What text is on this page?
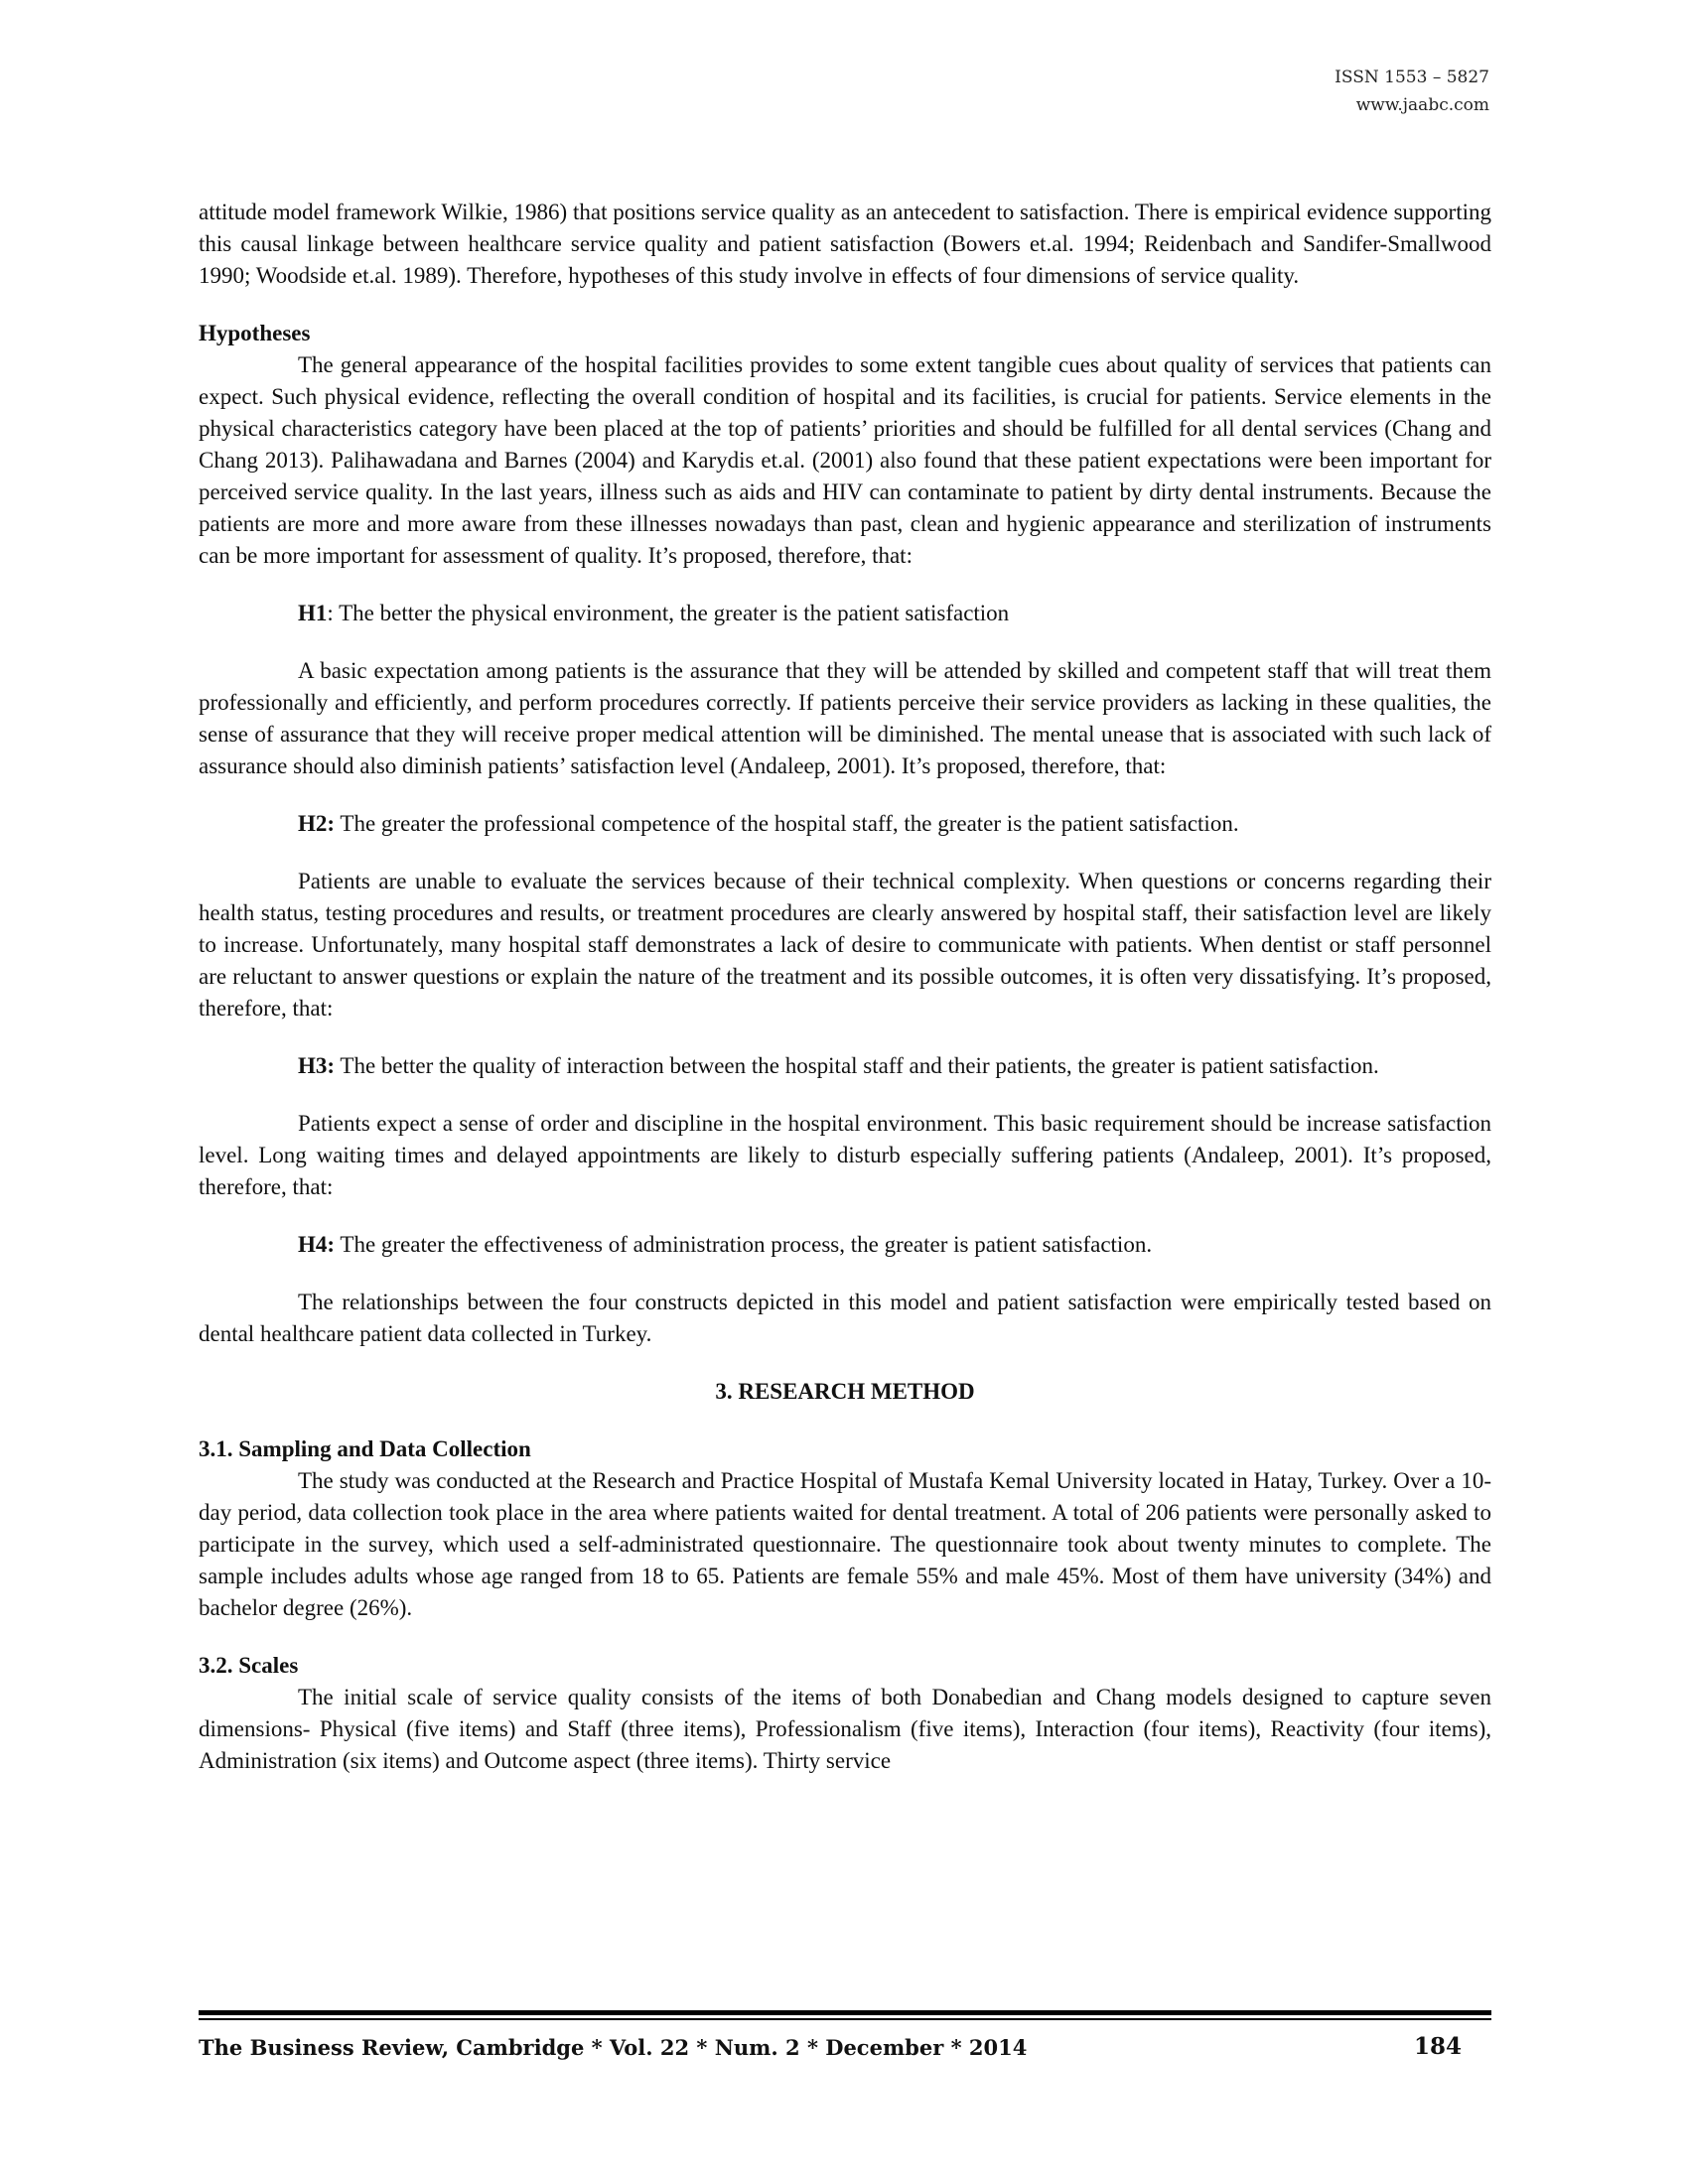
ISSN 1553 – 5827
www.jaabc.com

attitude model framework Wilkie, 1986) that positions service quality as an antecedent to satisfaction. There is empirical evidence supporting this causal linkage between healthcare service quality and patient satisfaction (Bowers et.al. 1994; Reidenbach and Sandifer-Smallwood 1990; Woodside et.al. 1989). Therefore, hypotheses of this study involve in effects of four dimensions of service quality.

Hypotheses

The general appearance of the hospital facilities provides to some extent tangible cues about quality of services that patients can expect. Such physical evidence, reflecting the overall condition of hospital and its facilities, is crucial for patients. Service elements in the physical characteristics category have been placed at the top of patients’ priorities and should be fulfilled for all dental services (Chang and Chang 2013). Palihawadana and Barnes (2004) and Karydis et.al. (2001) also found that these patient expectations were been important for perceived service quality. In the last years, illness such as aids and HIV can contaminate to patient by dirty dental instruments. Because the patients are more and more aware from these illnesses nowadays than past, clean and hygienic appearance and sterilization of instruments can be more important for assessment of quality. It’s proposed, therefore, that:

H1: The better the physical environment, the greater is the patient satisfaction

A basic expectation among patients is the assurance that they will be attended by skilled and competent staff that will treat them professionally and efficiently, and perform procedures correctly. If patients perceive their service providers as lacking in these qualities, the sense of assurance that they will receive proper medical attention will be diminished. The mental unease that is associated with such lack of assurance should also diminish patients’ satisfaction level (Andaleep, 2001). It’s proposed, therefore, that:

H2: The greater the professional competence of the hospital staff, the greater is the patient satisfaction.

Patients are unable to evaluate the services because of their technical complexity. When questions or concerns regarding their health status, testing procedures and results, or treatment procedures are clearly answered by hospital staff, their satisfaction level are likely to increase. Unfortunately, many hospital staff demonstrates a lack of desire to communicate with patients. When dentist or staff personnel are reluctant to answer questions or explain the nature of the treatment and its possible outcomes, it is often very dissatisfying. It’s proposed, therefore, that:

H3: The better the quality of interaction between the hospital staff and their patients, the greater is patient satisfaction.

Patients expect a sense of order and discipline in the hospital environment. This basic requirement should be increase satisfaction level. Long waiting times and delayed appointments are likely to disturb especially suffering patients (Andaleep, 2001). It’s proposed, therefore, that:

H4: The greater the effectiveness of administration process, the greater is patient satisfaction.

The relationships between the four constructs depicted in this model and patient satisfaction were empirically tested based on dental healthcare patient data collected in Turkey.

3. RESEARCH METHOD
3.1. Sampling and Data Collection

The study was conducted at the Research and Practice Hospital of Mustafa Kemal University located in Hatay, Turkey. Over a 10-day period, data collection took place in the area where patients waited for dental treatment. A total of 206 patients were personally asked to participate in the survey, which used a self-administrated questionnaire. The questionnaire took about twenty minutes to complete. The sample includes adults whose age ranged from 18 to 65. Patients are female 55% and male 45%. Most of them have university (34%) and bachelor degree (26%).

3.2. Scales

The initial scale of service quality consists of the items of both Donabedian and Chang models designed to capture seven dimensions- Physical (five items) and Staff (three items), Professionalism (five items), Interaction (four items), Reactivity (four items), Administration (six items) and Outcome aspect (three items). Thirty service

The Business Review, Cambridge * Vol. 22 * Num. 2 * December * 2014	184
